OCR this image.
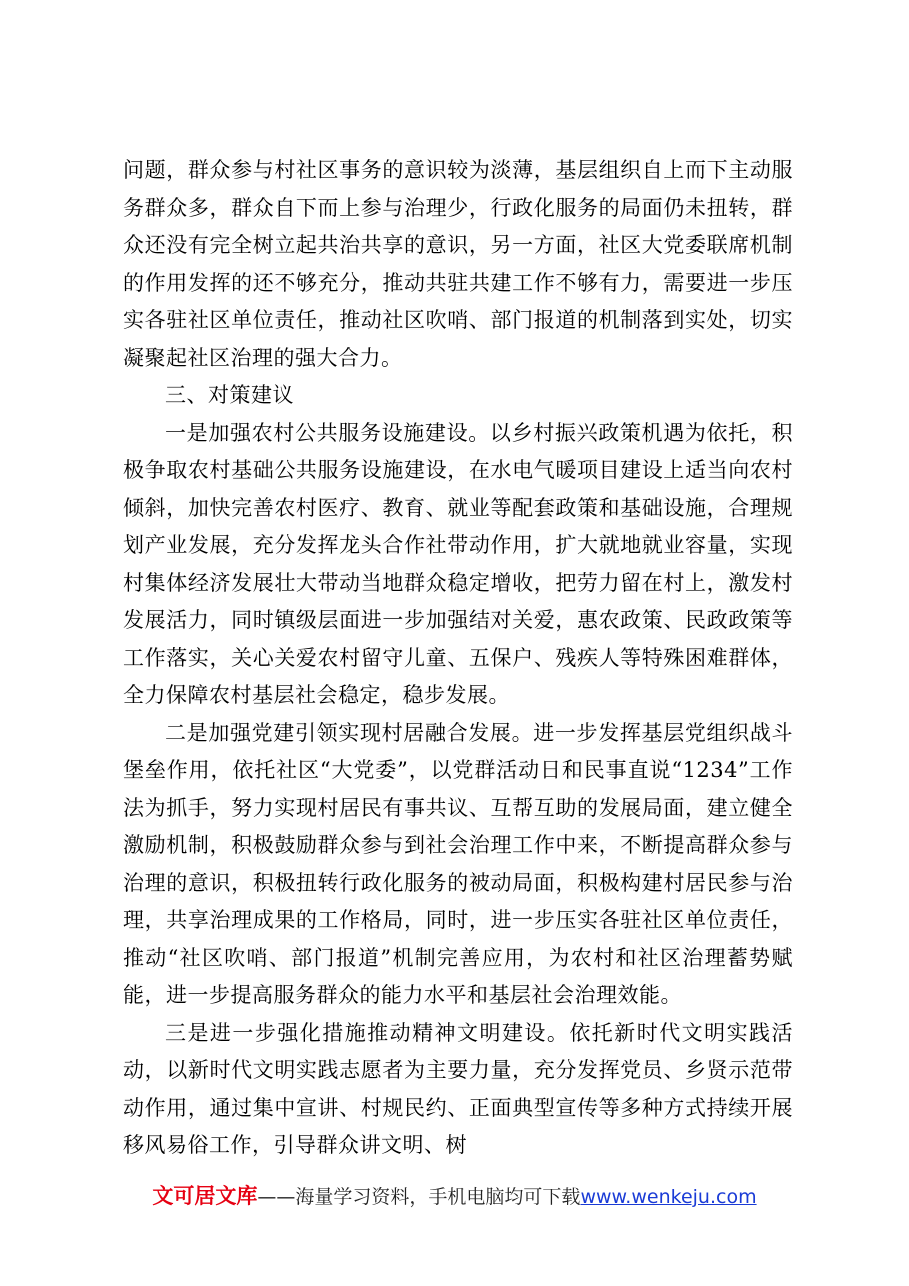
问题，群众参与村社区事务的意识较为淡薄，基层组织自上而下主动服务群众多，群众自下而上参与治理少，行政化服务的局面仍未扭转，群众还没有完全树立起共治共享的意识，另一方面，社区大党委联席机制的作用发挥的还不够充分，推动共驻共建工作不够有力，需要进一步压实各驻社区单位责任，推动社区吹哨、部门报道的机制落到实处，切实凝聚起社区治理的强大合力。

三、对策建议

一是加强农村公共服务设施建设。以乡村振兴政策机遇为依托，积极争取农村基础公共服务设施建设，在水电气暖项目建设上适当向农村倾斜，加快完善农村医疗、教育、就业等配套政策和基础设施，合理规划产业发展，充分发挥龙头合作社带动作用，扩大就地就业容量，实现村集体经济发展壮大带动当地群众稳定增收，把劳力留在村上，激发村发展活力，同时镇级层面进一步加强结对关爱，惠农政策、民政政策等工作落实，关心关爱农村留守儿童、五保户、残疾人等特殊困难群体，全力保障农村基层社会稳定，稳步发展。

二是加强党建引领实现村居融合发展。进一步发挥基层党组织战斗堡垒作用，依托社区“大党委”，以党群活动日和民事直说“1234”工作法为抓手，努力实现村居民有事共议、互帮互助的发展局面，建立健全激励机制，积极鼓励群众参与到社会治理工作中来，不断提高群众参与治理的意识，积极扭转行政化服务的被动局面，积极构建村居民参与治理，共享治理成果的工作格局，同时，进一步压实各驻社区单位责任，推动“社区吹哨、部门报道”机制完善应用，为农村和社区治理蓄势赋能，进一步提高服务群众的能力水平和基层社会治理效能。

三是进一步强化措施推动精神文明建设。依托新时代文明实践活动，以新时代文明实践志愿者为主要力量，充分发挥党员、乡贤示范带动作用，通过集中宣讲、村规民约、正面典型宣传等多种方式持续开展移风易俗工作，引导群众讲文明、树

文可居文库——海量学习资料，手机电脑均可下载www.wenkeju.com
